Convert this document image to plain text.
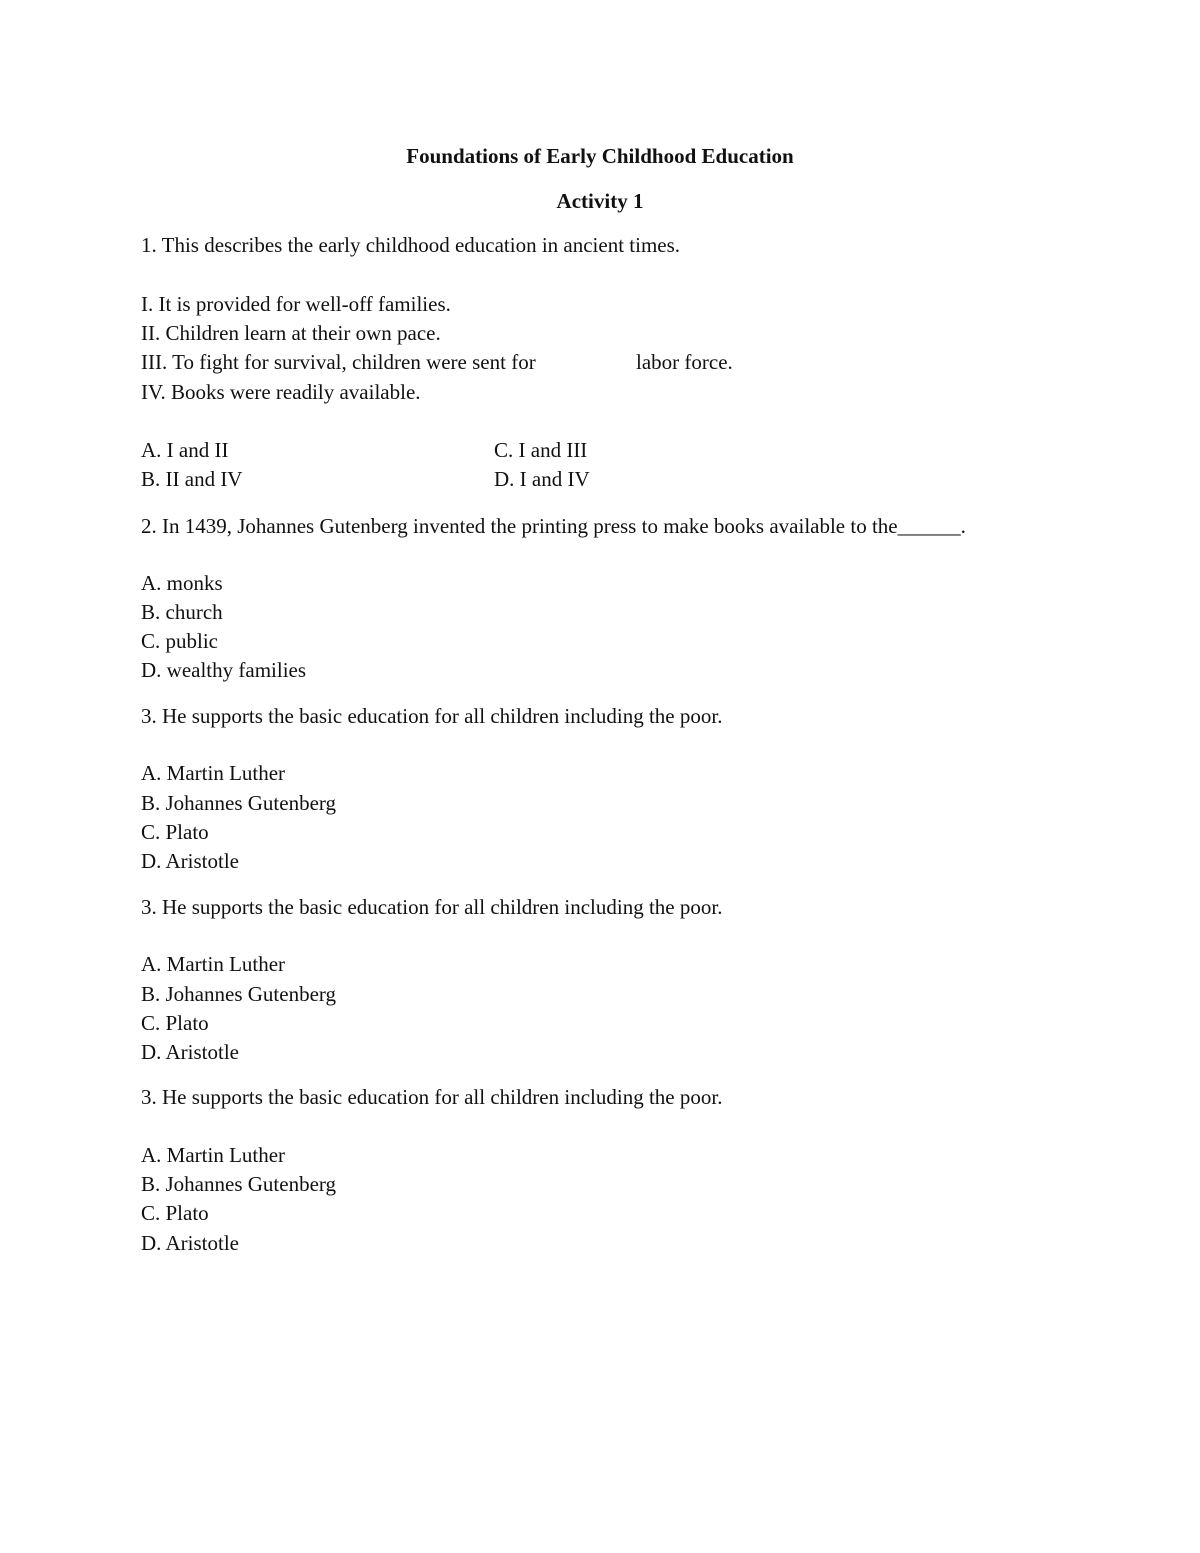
Foundations of Early Childhood Education
Activity 1

1. This describes the early childhood education in ancient times.

I. It is provided for well-off families.

II. Children learn at their own pace.

III. To fight for survival, children were sent for	labor force.

IV. Books were readily available.

A. I and II	C. I and III

B. II and IV	D. I and IV

2. In 1439, Johannes Gutenberg invented the printing press to make books available to the______.

A. monks

B. church

C. public

D. wealthy families

3. He supports the basic education for all children including the poor.

A. Martin Luther

B. Johannes Gutenberg

C. Plato

D. Aristotle

3. He supports the basic education for all children including the poor.

A. Martin Luther

B. Johannes Gutenberg

C. Plato

D. Aristotle

3. He supports the basic education for all children including the poor.

A. Martin Luther

B. Johannes Gutenberg

C. Plato

D. Aristotle
